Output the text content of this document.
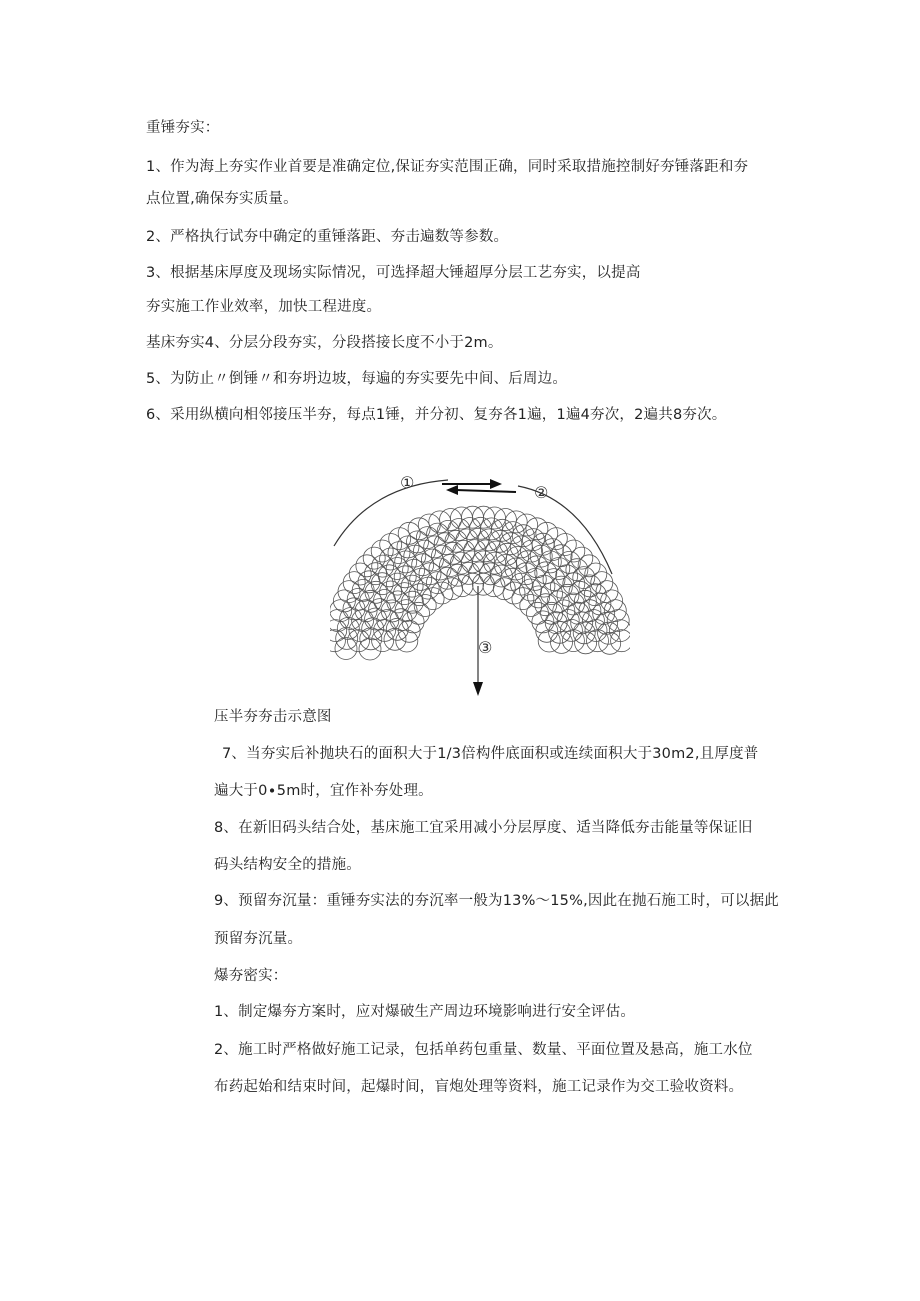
重锤夯实：

1、作为海上夯实作业首要是准确定位,保证夯实范围正确，同时采取措施控制好夯锤落距和夯

点位置,确保夯实质量。

2、严格执行试夯中确定的重锤落距、夯击遍数等参数。

3、根据基床厚度及现场实际情况，可选择超大锤超厚分层工艺夯实，以提高

夯实施工作业效率，加快工程进度。

基床夯实4、分层分段夯实，分段搭接长度不小于2m。

5、为防止〃倒锤〃和夯坍边坡，每遍的夯实要先中间、后周边。

6、采用纵横向相邻接压半夯，每点1锤，并分初、复夯各1遍，1遍4夯次，2遍共8夯次。

①
②
③

压半夯夯击示意图

7、当夯实后补抛块石的面积大于1/3倍构件底面积或连续面积大于30m2,且厚度普

遍大于0∙5m时，宜作补夯处理。

8、在新旧码头结合处，基床施工宜采用减小分层厚度、适当降低夯击能量等保证旧

码头结构安全的措施。

9、预留夯沉量：重锤夯实法的夯沉率一般为13%～15%,因此在抛石施工时，可以据此

预留夯沉量。

爆夯密实：

1、制定爆夯方案时，应对爆破生产周边环境影响进行安全评估。

2、施工时严格做好施工记录，包括单药包重量、数量、平面位置及悬高，施工水位

布药起始和结束时间，起爆时间，盲炮处理等资料，施工记录作为交工验收资料。
